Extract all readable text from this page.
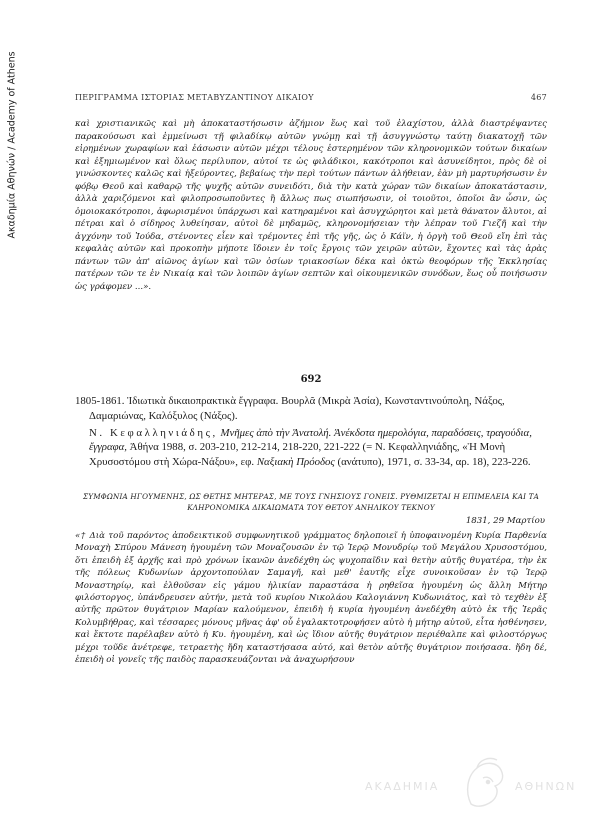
Ακαδημία Αθηνών / Academy of Athens	ΠΕΡΙΓΡΑΜΜΑ ΙΣΤΟΡΙΑΣ ΜΕΤΑΒΥΖΑΝΤΙΝΟΥ ΔΙΚΑΙΟΥ	467
καὶ χριστιανικῶς καὶ μὴ ἀποκαταστήσωσιν ἀζήμιον ἕως καὶ τοῦ ἐλαχίστου, ἀλλὰ διαστρέψαντες παρακούσωσι καὶ ἐμμείνωσι τῇ φιλαδίκῳ αὐτῶν γνώμῃ καὶ τῇ ἀσυγγνώστῳ ταύτῃ διακατοχῇ τῶν εἰρημένων χωραφίων καὶ ἐάσωσιν αὐτῶν μέχρι τέλους ἐστερημένον τῶν κληρονομικῶν τούτων δικαίων καὶ ἐξημιωμένον καὶ ὅλως περίλυπον, αὐτοί τε ὡς φιλάδικοι, κακότροποι καὶ ἀσυνείδητοι, πρὸς δὲ οἱ γινώσκοντες καλῶς καὶ ἠξεύροντες, βεβαίως τὴν περὶ τούτων πάντων ἀλήθειαν, ἐὰν μὴ μαρτυρήσωσιν ἐν φόβῳ Θεοῦ καὶ καθαρῷ τῆς ψυχῆς αὐτῶν συνειδότι, διὰ τὴν κατὰ χώραν τῶν δικαίων ἀποκατάστασιν, ἀλλὰ χαριζόμενοι καὶ φιλοπροσωποῦντες ἢ ἄλλως πως σιωπήσωσιν, οἱ τοιοῦτοι, ὁποῖοι ἂν ὦσιν, ὡς ὁμοιοκακότροποι, ἀφωρισμένοι ὑπάρχωσι καὶ κατηραμένοι καὶ ἀσυγχώρητοι καὶ μετὰ θάνατον ἄλυτοι, αἱ πέτραι καὶ ὁ σίδηρος λυθείησαν, αὐτοὶ δὲ μηδαμῶς, κληρονομήσειαν τὴν λέπραν τοῦ Γιεζῆ καὶ τὴν ἀγχόνην τοῦ Ἰούδα, στένοντες εἶεν καὶ τρέμοντες ἐπὶ τῆς γῆς, ὡς ὁ Κάϊν, ἡ ὀργὴ τοῦ Θεοῦ εἴη ἐπὶ τὰς κεφαλὰς αὐτῶν καὶ προκοπὴν μήποτε ἴδοιεν ἐν τοῖς ἔργοις τῶν χειρῶν αὐτῶν, ἔχοντες καὶ τὰς ἀρὰς πάντων τῶν ἀπ' αἰῶνος ἁγίων καὶ τῶν ὁσίων τριακοσίων δέκα καὶ ὀκτὼ θεοφόρων τῆς Ἐκκλησίας πατέρων τῶν τε ἐν Νικαίᾳ καὶ τῶν λοιπῶν ἁγίων σεπτῶν καὶ οἰκουμενικῶν συνόδων, ἕως οὗ ποιήσωσιν ὡς γράφομεν ...».
692

1805-1861. Ἰδιωτικὰ δικαιοπρακτικὰ ἔγγραφα. Βουρλᾶ (Μικρὰ Ἀσία), Κωνσταντινούπολη, Νάξος, Δαμαριώνας, Καλόξυλος (Νάξος).

Ν. Κεφαλληνιάδης, Μνῆμες ἀπὸ τὴν Ἀνατολή. Ἀνέκδοτα ημερολόγια, παραδόσεις, τραγούδια, ἔγγραφα, Ἀθήνα 1988, σ. 203-210, 212-214, 218-220, 221-222 (= Ν. Κεφαλληνιάδης, «Ἡ Μονὴ Χρυσοστόμου στὴ Χώρα-Νάξου», εφ. Ναξιακὴ Πρόοδος (ανάτυπο), 1971, σ. 33-34, αρ. 18), 223-226.

ΣΥΜΦΩΝΙΑ ΗΓΟΥΜΕΝΗΣ, ΩΣ ΘΕΤΗΣ ΜΗΤΕΡΑΣ, ΜΕ ΤΟΥΣ ΓΝΗΣΙΟΥΣ ΓΟΝΕΙΣ. ΡΥΘΜΙΖΕΤΑΙ Η ΕΠΙΜΕΛΕΙΑ ΚΑΙ ΤΑ ΚΛΗΡΟΝΟΜΙΚΑ ΔΙΚΑΙΩΜΑΤΑ ΤΟΥ ΘΕΤΟΥ ΑΝΗΛΙΚΟΥ ΤΕΚΝΟΥ
1831, 29 Μαρτίου
«† Διὰ τοῦ παρόντος ἀποδεικτικοῦ συμφωνητικοῦ γράμματος δηλοποιεῖ ἡ ὑποφαινομένη Κυρία Παρθενία Μοναχὴ Σπύρου Μάνεση ἡγουμένη τῶν Μοναζουσῶν ἐν τῷ Ἱερῷ Μονυδρίῳ τοῦ Μεγάλου Χρυσοστόμου, ὅτι ἐπειδὴ ἐξ ἀρχῆς καὶ πρὸ χρόνων ἱκανῶν ἀνεδέχθη ὡς ψυχοπαῖδιν καὶ θετὴν αὐτῆς θυγατέρα, τὴν ἐκ τῆς πόλεως Κυδωνίων ἀρχοντοπούλαν Σαμαγῆ, καὶ μεθ' ἑαυτῆς εἶχε συνοικοῦσαν ἐν τῷ Ἱερῷ Μοναστηρίῳ, καὶ ἐλθοῦσαν εἰς γάμου ἡλικίαν παραστάσα ἡ ρηθεῖσα ἡγουμένη ὡς ἄλλη Μήτηρ φιλόστοργος, ὑπάνδρευσεν αὐτήν, μετὰ τοῦ κυρίου Νικολάου Καλογιάννη Κυδωνιάτος, καὶ τὸ τεχθὲν ἐξ αὐτῆς πρῶτον θυγάτριον Μαρίαν καλούμενον, ἐπειδὴ ἡ κυρία ἡγουμένη ἀνεδέχθη αὐτὸ ἐκ τῆς Ἱερᾶς Κολυμβήθρας, καὶ τέσσαρες μόνους μῆνας ἀφ' οὗ ἐγαλακτοτροφήσεν αὐτὸ ἡ μήτηρ αὐτοῦ, εἶτα ἠσθένησεν, καὶ ἔκτοτε παρέλαβεν αὐτὸ ἡ Κυ. ἡγουμένη, καὶ ὡς ἴδιον αὐτῆς θυγάτριον περιέθαλπε καὶ φιλοστόργως μέχρι τοῦδε ἀνέτρεφε, τετραετὴς ἤδη καταστήσασα αὐτό, καὶ θετὸν αὐτῆς θυγάτριον ποιήσασα. ἤδη δέ, ἐπειδὴ οἱ γονεῖς τῆς παιδὸς παρασκευάζονται νὰ ἀναχωρήσουν
ΑΚΑΔΗΜΙΑ	ΑΘΗΝΩΝ
